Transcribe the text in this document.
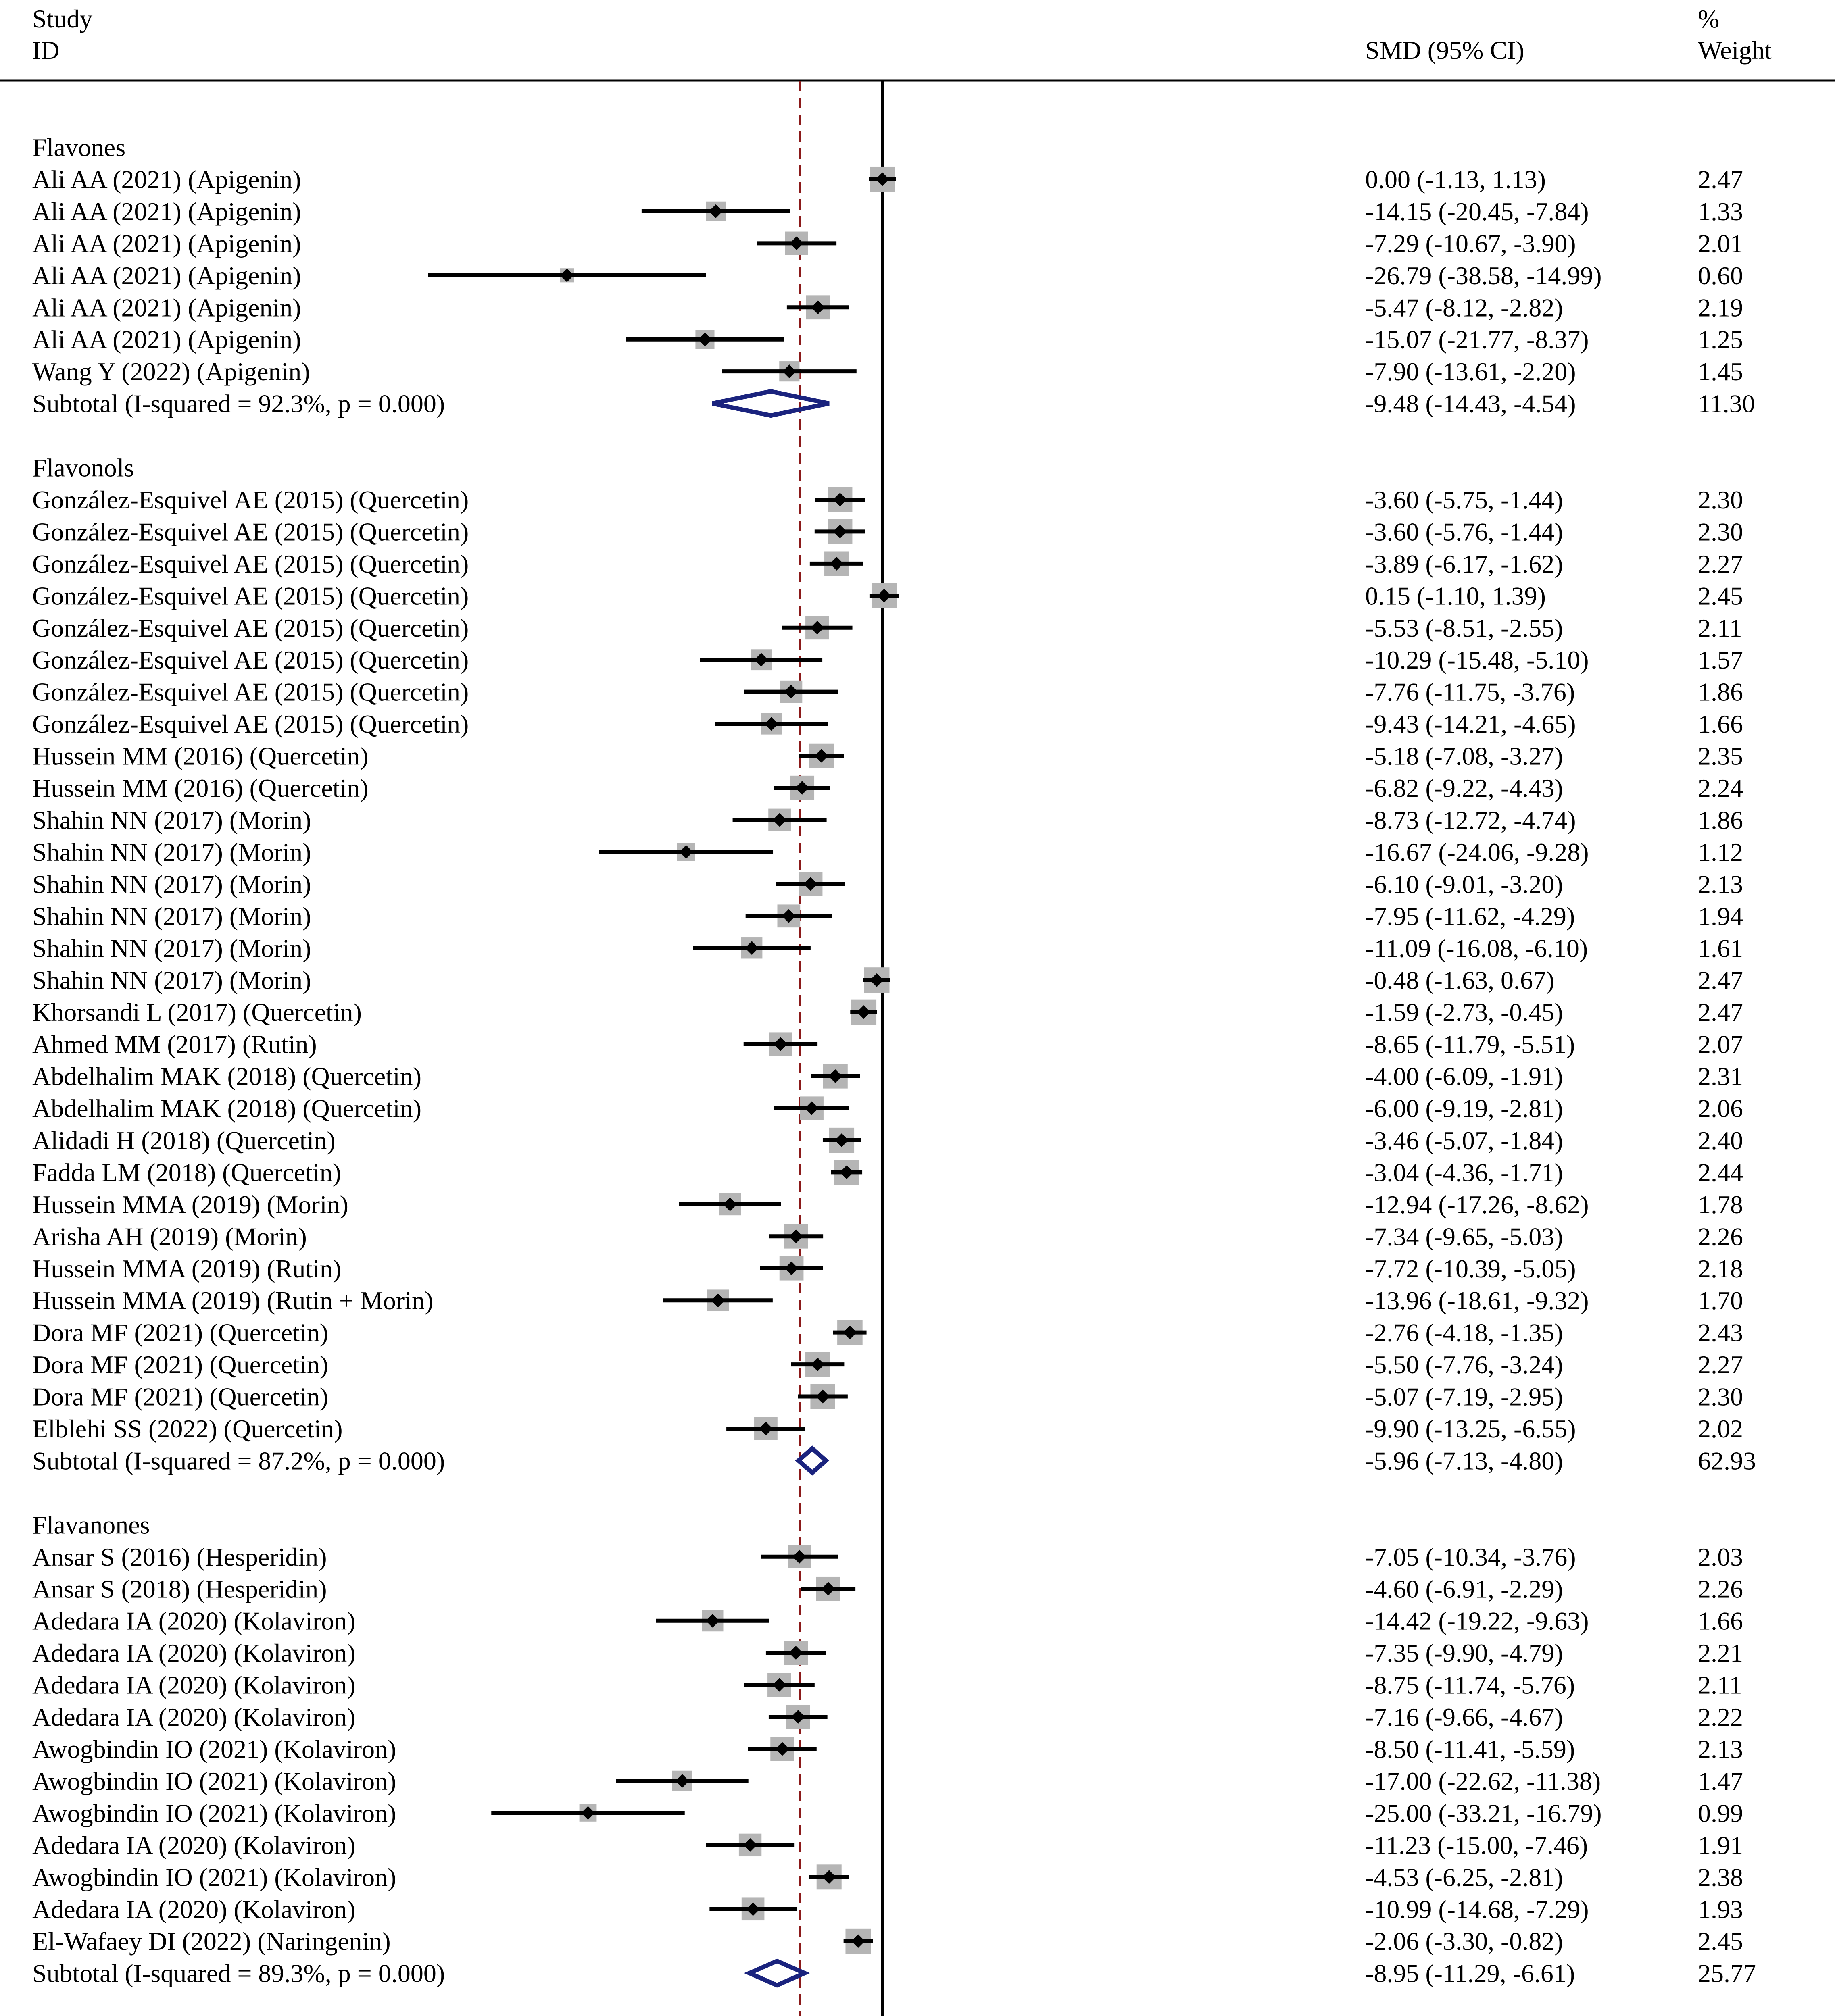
Study
ID	SMD (95% CI)
%
Weight
Flavones
Ali AA (2021) (Apigenin)	0.00 (-1.13, 1.13)	2.47
Ali AA (2021) (Apigenin)	-14.15 (-20.45, -7.84)	1.33
Ali AA (2021) (Apigenin)	-7.29 (-10.67, -3.90)	2.01
Ali AA (2021) (Apigenin)	-26.79 (-38.58, -14.99)	0.60
Ali AA (2021) (Apigenin)	-5.47 (-8.12, -2.82)	2.19
Ali AA (2021) (Apigenin)	-15.07 (-21.77, -8.37)	1.25
Wang Y (2022) (Apigenin)	-7.90 (-13.61, -2.20)	1.45
Subtotal (I-squared = 92.3%, p = 0.000)	-9.48 (-14.43, -4.54)	11.30
Flavonols
González-Esquivel AE (2015) (Quercetin)	-3.60 (-5.75, -1.44)	2.30
González-Esquivel AE (2015) (Quercetin)	-3.60 (-5.76, -1.44)	2.30
González-Esquivel AE (2015) (Quercetin)	-3.89 (-6.17, -1.62)	2.27
González-Esquivel AE (2015) (Quercetin)	0.15 (-1.10, 1.39)	2.45
González-Esquivel AE (2015) (Quercetin)	-5.53 (-8.51, -2.55)	2.11
González-Esquivel AE (2015) (Quercetin)	-10.29 (-15.48, -5.10)	1.57
González-Esquivel AE (2015) (Quercetin)	-7.76 (-11.75, -3.76)	1.86
González-Esquivel AE (2015) (Quercetin)	-9.43 (-14.21, -4.65)	1.66
Hussein MM (2016) (Quercetin)	-5.18 (-7.08, -3.27)	2.35
Hussein MM (2016) (Quercetin)	-6.82 (-9.22, -4.43)	2.24
Shahin NN (2017) (Morin)	-8.73 (-12.72, -4.74)	1.86
Shahin NN (2017) (Morin)	-16.67 (-24.06, -9.28)	1.12
Shahin NN (2017) (Morin)	-6.10 (-9.01, -3.20)	2.13
Shahin NN (2017) (Morin)	-7.95 (-11.62, -4.29)	1.94
Shahin NN (2017) (Morin)	-11.09 (-16.08, -6.10)	1.61
Shahin NN (2017) (Morin)	-0.48 (-1.63, 0.67)	2.47
Khorsandi L (2017) (Quercetin)	-1.59 (-2.73, -0.45)	2.47
Ahmed MM (2017) (Rutin)	-8.65 (-11.79, -5.51)	2.07
Abdelhalim MAK (2018) (Quercetin)	-4.00 (-6.09, -1.91)	2.31
Abdelhalim MAK (2018) (Quercetin)	-6.00 (-9.19, -2.81)	2.06
Alidadi H (2018) (Quercetin)	-3.46 (-5.07, -1.84)	2.40
Fadda LM (2018) (Quercetin)	-3.04 (-4.36, -1.71)	2.44
Hussein MMA (2019) (Morin)	-12.94 (-17.26, -8.62)	1.78
Arisha AH (2019) (Morin)	-7.34 (-9.65, -5.03)	2.26
Hussein MMA (2019) (Rutin)	-7.72 (-10.39, -5.05)	2.18
Hussein MMA (2019) (Rutin + Morin)	-13.96 (-18.61, -9.32)	1.70
Dora MF (2021) (Quercetin)	-2.76 (-4.18, -1.35)	2.43
Dora MF (2021) (Quercetin)	-5.50 (-7.76, -3.24)	2.27
Dora MF (2021) (Quercetin)	-5.07 (-7.19, -2.95)	2.30
Elblehi SS (2022) (Quercetin)	-9.90 (-13.25, -6.55)	2.02
Subtotal (I-squared = 87.2%, p = 0.000)	-5.96 (-7.13, -4.80)	62.93
Flavanones
Ansar S (2016) (Hesperidin)	-7.05 (-10.34, -3.76)	2.03
Ansar S (2018) (Hesperidin)	-4.60 (-6.91, -2.29)	2.26
Adedara IA (2020) (Kolaviron)	-14.42 (-19.22, -9.63)	1.66
Adedara IA (2020) (Kolaviron)	-7.35 (-9.90, -4.79)	2.21
Adedara IA (2020) (Kolaviron)	-8.75 (-11.74, -5.76)	2.11
Adedara IA (2020) (Kolaviron)	-7.16 (-9.66, -4.67)	2.22
Awogbindin IO (2021) (Kolaviron)	-8.50 (-11.41, -5.59)	2.13
Awogbindin IO (2021) (Kolaviron)	-17.00 (-22.62, -11.38)	1.47
Awogbindin IO (2021) (Kolaviron)	-25.00 (-33.21, -16.79)	0.99
Adedara IA (2020) (Kolaviron)	-11.23 (-15.00, -7.46)	1.91
Awogbindin IO (2021) (Kolaviron)	-4.53 (-6.25, -2.81)	2.38
Adedara IA (2020) (Kolaviron)	-10.99 (-14.68, -7.29)	1.93
El-Wafaey DI (2022) (Naringenin)	-2.06 (-3.30, -0.82)	2.45
Subtotal (I-squared = 89.3%, p = 0.000)	-8.95 (-11.29, -6.61)	25.77
